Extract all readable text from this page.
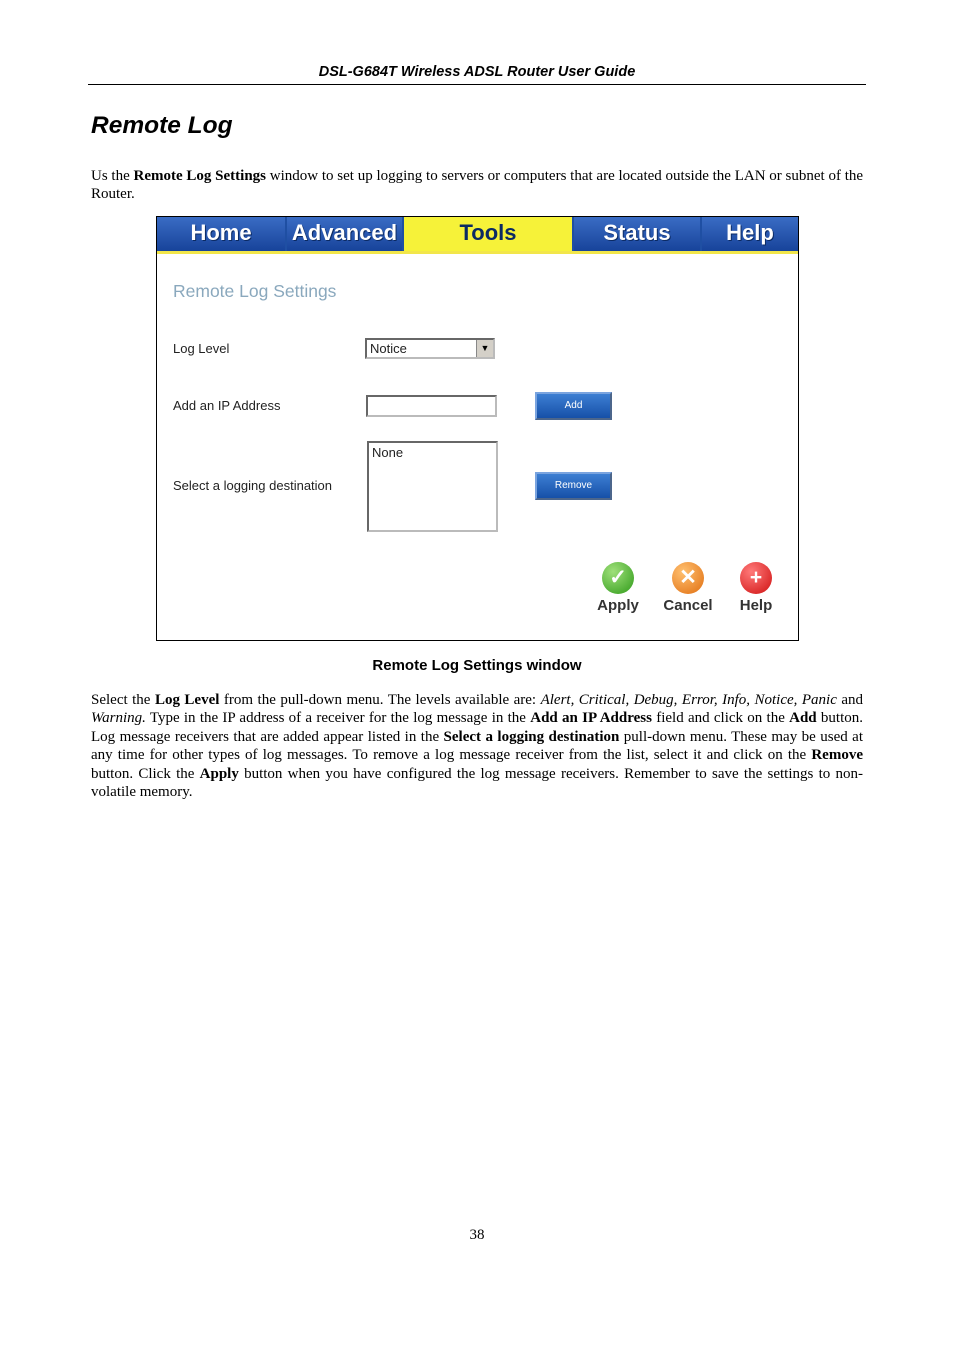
DSL-G684T Wireless ADSL Router User Guide
Remote Log

Us the Remote Log Settings window to set up logging to servers or computers that are located outside the LAN or subnet of the Router.

Home	Advanced	Tools	Status	Help
Remote Log Settings
Log Level	Notice	▼
Add an IP Address	Add
Select a logging destination
None
Remove
✓
Apply
✕
Cancel
+
Help
Remote Log Settings window

Select the Log Level from the pull-down menu. The levels available are: Alert, Critical, Debug, Error, Info, Notice, Panic and Warning. Type in the IP address of a receiver for the log message in the Add an IP Address field and click on the Add button. Log message receivers that are added appear listed in the Select a logging destination pull-down menu. These may be used at any time for other types of log messages. To remove a log message receiver from the list, select it and click on the Remove button. Click the Apply button when you have configured the log message receivers. Remember to save the settings to non-volatile memory.

38
